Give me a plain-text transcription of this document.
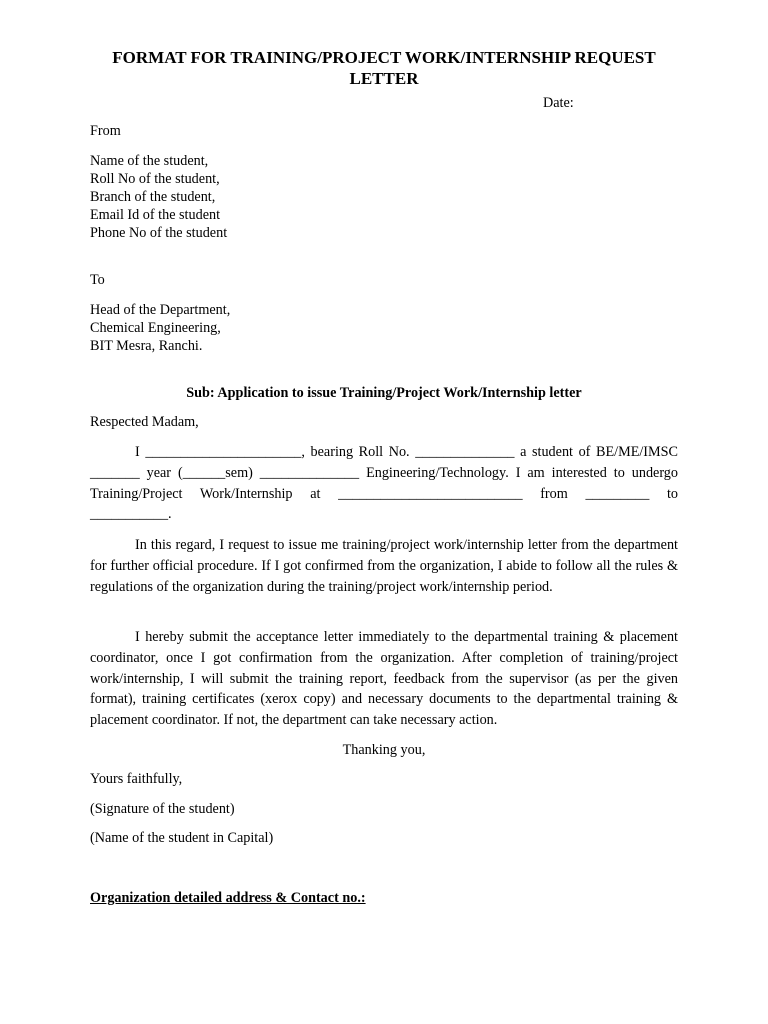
FORMAT FOR TRAINING/PROJECT WORK/INTERNSHIP REQUEST
LETTER
Date:
From
Name of the student,
Roll No of the student,
Branch of the student,
Email Id of the student
Phone No of the student
To
Head of the Department,
Chemical Engineering,
BIT Mesra, Ranchi.
Sub: Application to issue Training/Project Work/Internship letter
Respected Madam,

I ______________________, bearing Roll No. ______________ a student of BE/ME/IMSC _______ year (______sem) ______________ Engineering/Technology. I am interested to undergo Training/Project Work/Internship at __________________________ from _________ to ___________.

In this regard, I request to issue me training/project work/internship letter from the department for further official procedure. If I got confirmed from the organization, I abide to follow all the rules & regulations of the organization during the training/project work/internship period.

I hereby submit the acceptance letter immediately to the departmental training & placement coordinator, once I got confirmation from the organization. After completion of training/project work/internship, I will submit the training report, feedback from the supervisor (as per the given format), training certificates (xerox copy) and necessary documents to the departmental training & placement coordinator. If not, the department can take necessary action.

Thanking you,
Yours faithfully,
(Signature of the student)
(Name of the student in Capital)
Organization detailed address & Contact no.:
